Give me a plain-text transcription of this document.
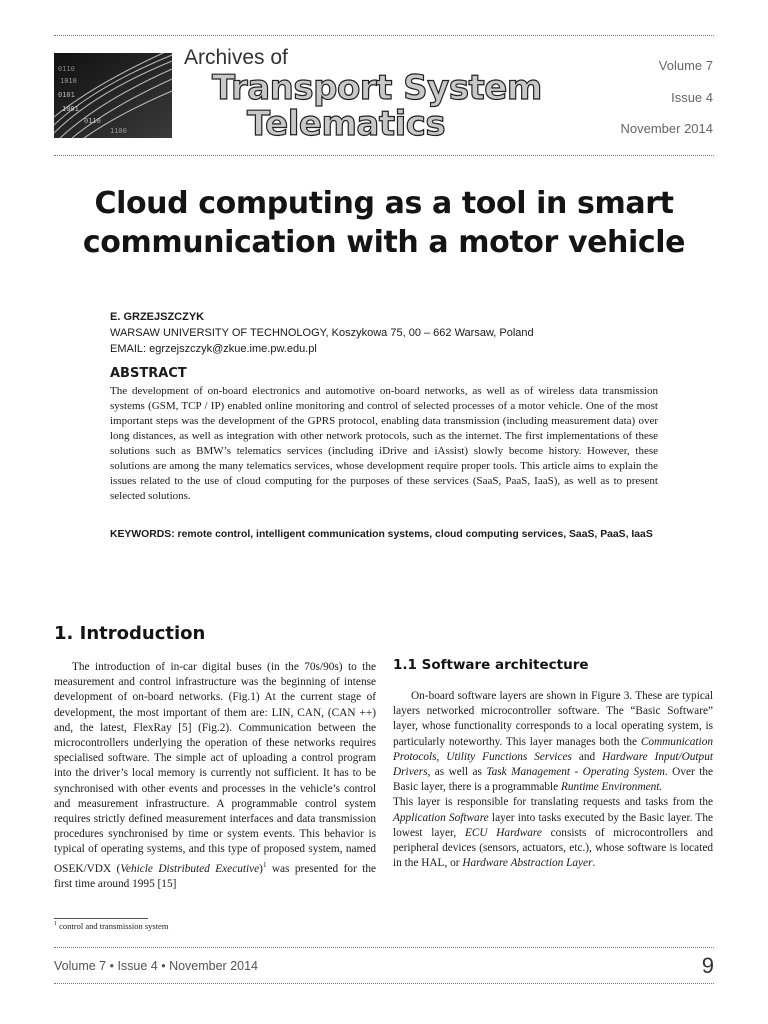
0110
1010
0101
1001
0110
1100
Archives of
Transport System
Telematics
Volume 7
Issue 4
November 2014
Cloud computing as a tool in smart
communication with a motor vehicle
E. GRZEJSZCZYK
WARSAW UNIVERSITY OF TECHNOLOGY, Koszykowa 75, 00 – 662 Warsaw, Poland
EMAIL: egrzejszczyk@zkue.ime.pw.edu.pl
ABSTRACT
The development of on-board electronics and automotive on-board networks, as well as of wireless data transmission systems (GSM, TCP / IP) enabled online monitoring and control of selected processes of a motor vehicle. One of the most important steps was the development of the GPRS protocol, enabling data transmission (including measurement data) over long distances, as well as integration with other network protocols, such as the internet. The first implementations of these solutions such as BMW’s telematics services (including iDrive and iAssist) slowly become history. However, these solutions are among the many telematics services, whose development require proper tools. This article aims to explain the issues related to the use of cloud computing for the purposes of these services (SaaS, PaaS, IaaS), as well as to present selected solutions.
KEYWORDS: remote control, intelligent communication systems, cloud computing services, SaaS, PaaS, IaaS
1. Introduction

The introduction of in-car digital buses (in the 70s/90s) to the measurement and control infrastructure was the beginning of intense development of on-board networks. (Fig.1) At the current stage of development, the most important of them are: LIN, CAN, (CAN ++) and, the latest, FlexRay [5] (Fig.2). Communication between the microcontrollers underlying the operation of these networks requires specialised software. The simple act of uploading a control program into the driver’s local memory is currently not sufficient. It has to be synchronised with other events and processes in the vehicle’s control and measurement infrastructure. A programmable control system requires strictly defined measurement interfaces and data transmission procedures synchronised by time or system events. This behavior is typical of operating systems, and this type of proposed system, named OSEK/VDX (Vehicle Distributed Executive)$^1$ was presented for the first time around 1995 [15]

1.1 Software architecture

On-board software layers are shown in Figure 3. These are typical layers networked microcontroller software. The “Basic Software” layer, whose functionality corresponds to a local operating system, is particularly noteworthy. This layer manages both the Communication Protocols, Utility Functions Services and Hardware Input/Output Drivers, as well as Task Management - Operating System. Over the Basic layer, there is a programmable Runtime Environment.

This layer is responsible for translating requests and tasks from the Application Software layer into tasks executed by the Basic layer. The lowest layer, ECU Hardware consists of microcontrollers and peripheral devices (sensors, actuators, etc.), whose software is located in the HAL, or Hardware Abstraction Layer.

$^1$ control and transmission system
Volume 7 • Issue 4 • November 2014	9
